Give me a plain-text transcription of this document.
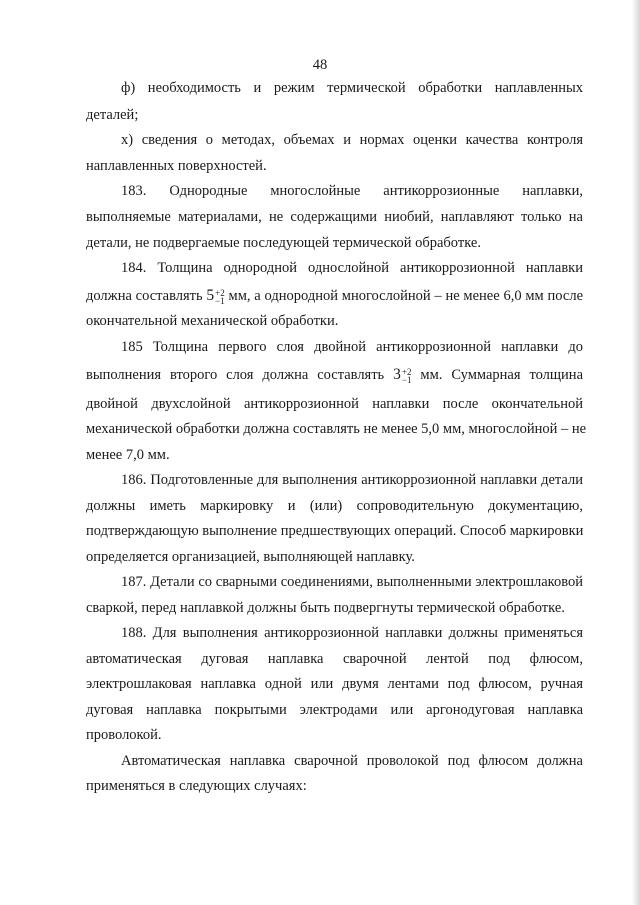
48
ф) необходимость и режим термической обработки наплавленных
деталей;
х) сведения о методах, объемах и нормах оценки качества контроля
наплавленных поверхностей.
183. Однородные многослойные антикоррозионные наплавки,
выполняемые материалами, не содержащими ниобий, наплавляют только на
детали, не подвергаемые последующей термической обработке.
184. Толщина однородной однослойной антикоррозионной наплавки
должна составлять 5 +2
−1 мм, а однородной многослойной – не менее 6,0 мм после
окончательной механической обработки.
185 Толщина первого слоя двойной антикоррозионной наплавки до
выполнения второго слоя должна составлять 3 +2
−1 мм. Суммарная толщина
двойной двухслойной антикоррозионной наплавки после окончательной
механической обработки должна составлять не менее 5,0 мм, многослойной – не
менее 7,0 мм.
186. Подготовленные для выполнения антикоррозионной наплавки детали
должны иметь маркировку и (или) сопроводительную документацию,
подтверждающую выполнение предшествующих операций. Способ маркировки
определяется организацией, выполняющей наплавку.
187. Детали со сварными соединениями, выполненными электрошлаковой
сваркой, перед наплавкой должны быть подвергнуты термической обработке.
188. Для выполнения антикоррозионной наплавки должны применяться
автоматическая дуговая наплавка сварочной лентой под флюсом,
электрошлаковая наплавка одной или двумя лентами под флюсом, ручная
дуговая наплавка покрытыми электродами или аргонодуговая наплавка
проволокой.
Автоматическая наплавка сварочной проволокой под флюсом должна
применяться в следующих случаях:
